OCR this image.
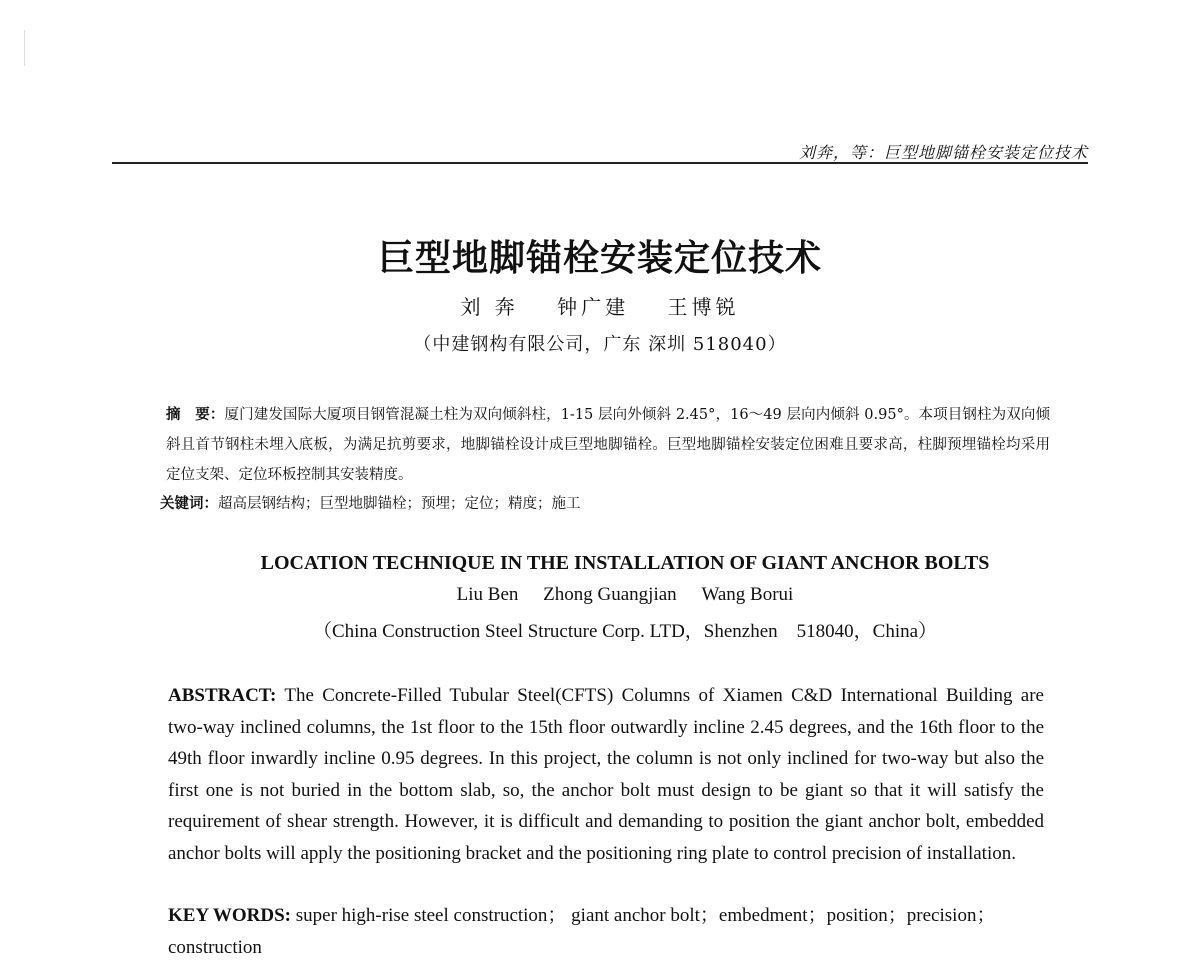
刘奔，等：巨型地脚锚栓安装定位技术
巨型地脚锚栓安装定位技术
刘 奔 钟广建 王博锐
（中建钢构有限公司，广东 深圳 518040）
摘　要：厦门建发国际大厦项目钢管混凝土柱为双向倾斜柱，1-15 层向外倾斜 2.45°，16～49 层向内倾斜 0.95°。本项目钢柱为双向倾斜且首节钢柱未埋入底板，为满足抗剪要求，地脚锚栓设计成巨型地脚锚栓。巨型地脚锚栓安装定位困难且要求高，柱脚预埋锚栓均采用定位支架、定位环板控制其安装精度。
关键词：超高层钢结构；巨型地脚锚栓；预埋；定位；精度；施工
LOCATION TECHNIQUE IN THE INSTALLATION OF GIANT ANCHOR BOLTS
Liu Ben Zhong Guangjian Wang Borui
（China Construction Steel Structure Corp. LTD，Shenzhen　518040，China）
ABSTRACT: The Concrete-Filled Tubular Steel(CFTS) Columns of Xiamen C&D International Building are two-way inclined columns, the 1st floor to the 15th floor outwardly incline 2.45 degrees, and the 16th floor to the 49th floor inwardly incline 0.95 degrees. In this project, the column is not only inclined for two-way but also the first one is not buried in the bottom slab, so, the anchor bolt must design to be giant so that it will satisfy the requirement of shear strength. However, it is difficult and demanding to position the giant anchor bolt, embedded anchor bolts will apply the positioning bracket and the positioning ring plate to control precision of installation.
KEY WORDS: super high-rise steel construction； giant anchor bolt；embedment；position；precision；construction
